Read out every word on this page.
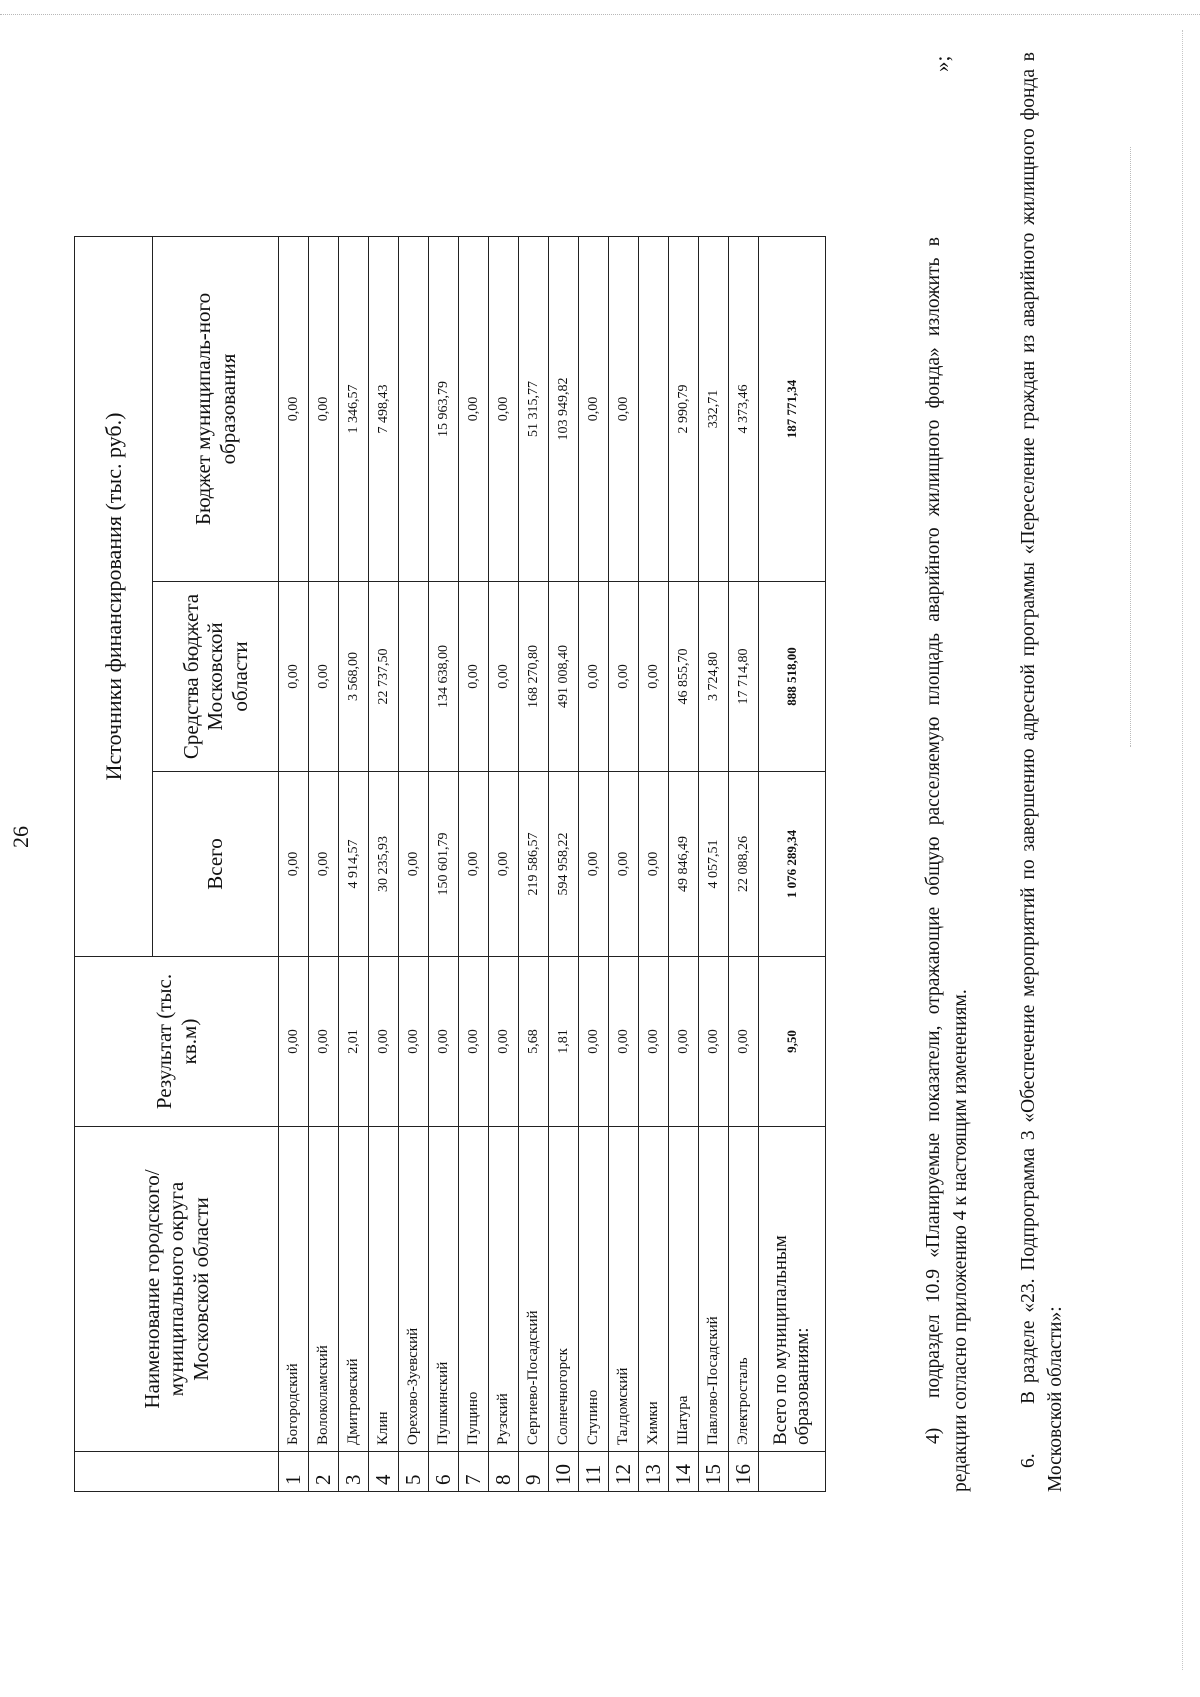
26
	Наименование городского/муниципального округа Московской области	Результат (тыс. кв.м)	Источники финансирования (тыс. руб.)		
			Всего	Средства бюджета Московской области	Бюджет муниципаль-ного образования
1	Богородский	0,00	0,00	0,00	0,00
2	Волоколамский	0,00	0,00	0,00	0,00
3	Дмитровский	2,01	4 914,57	3 568,00	1 346,57
4	Клин	0,00	30 235,93	22 737,50	7 498,43
5	Орехово-Зуевский	0,00	0,00		
6	Пушкинский	0,00	150 601,79	134 638,00	15 963,79
7	Пущино	0,00	0,00	0,00	0,00
8	Рузский	0,00	0,00	0,00	0,00
9	Сергиево-Посадский	5,68	219 586,57	168 270,80	51 315,77
10	Солнечногорск	1,81	594 958,22	491 008,40	103 949,82
11	Ступино	0,00	0,00	0,00	0,00
12	Талдомский	0,00	0,00	0,00	0,00
13	Химки	0,00	0,00	0,00	
14	Шатура	0,00	49 846,49	46 855,70	2 990,79
15	Павлово-Посадский	0,00	4 057,51	3 724,80	332,71
16	Электросталь	0,00	22 088,26	17 714,80	4 373,46
	Всего по муниципальным образованиям:	9,50	1 076 289,34	888 518,00	187 771,34
»;
4)подраздел 10.9 «Планируемые показатели, отражающие общую расселяемую площадь аварийного жилищного фонда» изложить в редакции согласно приложению 4 к настоящим изменениям. 6.В разделе «23. Подпрограмма 3 «Обеспечение мероприятий по завершению адресной программы «Переселение граждан из аварийного жилищного фонда в Московской области»:
